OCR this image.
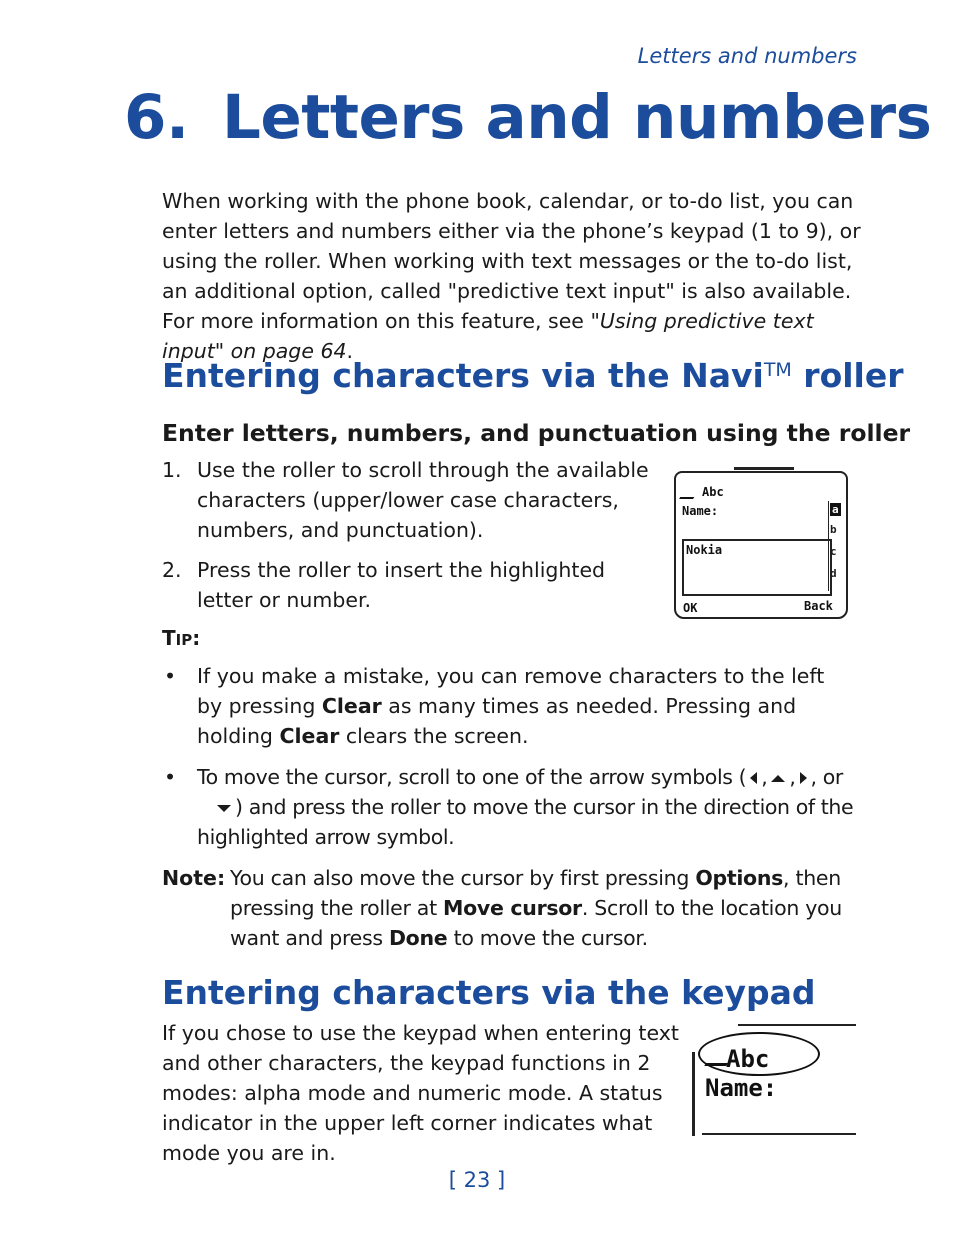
Letters and numbers
6. Letters and numbers
When working with the phone book, calendar, or to-do list, you can enter letters and numbers either via the phone’s keypad (1 to 9), or using the roller. When working with text messages or the to-do list, an additional option, called "predictive text input" is also available. For more information on this feature, see "Using predictive text input" on page 64.
Entering characters via the Navi™ roller
Enter letters, numbers, and punctuation using the roller
1. Use the roller to scroll through the available characters (upper/lower case characters, numbers, and punctuation).
2. Press the roller to insert the highlighted letter or number.
Abc
Name:
Nokia
a
b
c
d
OK	Back
TIP:
•	If you make a mistake, you can remove characters to the left by pressing Clear as many times as needed. Pressing and holding Clear clears the screen.
•	To move the cursor, scroll to one of the arrow symbols ( , , , or) and press the roller to move the cursor in the direction of the highlighted arrow symbol.
Note: You can also move the cursor by first pressing Options, then pressing the roller at Move cursor. Scroll to the location you want and press Done to move the cursor.
Entering characters via the keypad
If you chose to use the keypad when entering text and other characters, the keypad functions in 2 modes: alpha mode and numeric mode. A status indicator in the upper left corner indicates what mode you are in.
Abc
Name:
[ 23 ]
